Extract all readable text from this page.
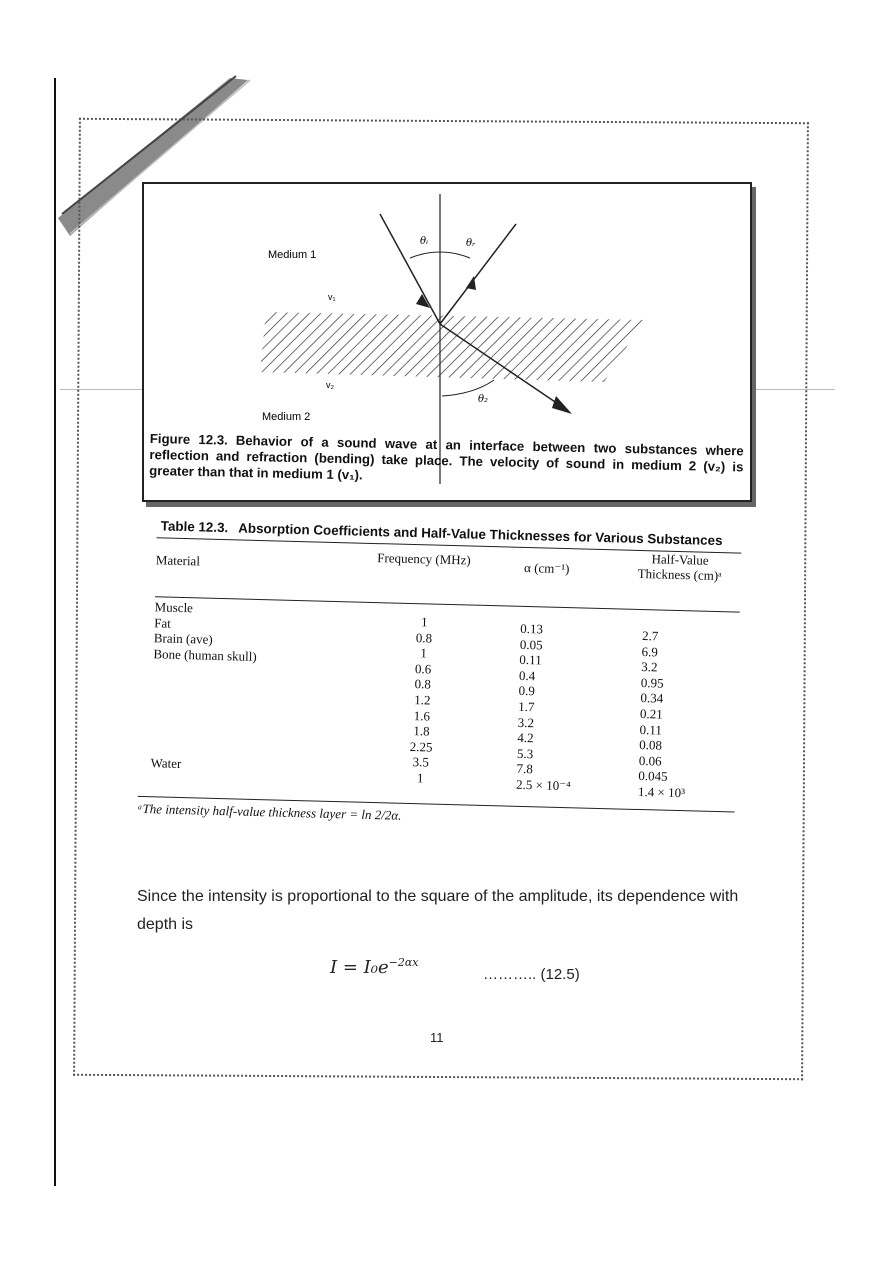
Medium 1
v₁
v₂
Medium 2
θᵢ	θᵣ
θ₂
Figure 12.3. Behavior of a sound wave at an interface between two substances where reflection and refraction (bending) take place. The velocity of sound in medium 2 (v₂) is greater than that in medium 1 (v₁).
Table 12.3. Absorption Coefficients and Half-Value Thicknesses for Various Substances
Material	Frequency (MHz)
α (cm⁻¹)
Half-Value Thickness (cm)ᵃ
Muscle
Fat
Brain (ave)
Bone (human skull)

Water
1
0.8
1
0.6
0.8
1.2
1.6
1.8
2.25
3.5
1
0.13
0.05
0.11
0.4
0.9
1.7
3.2
4.2
5.3
7.8
2.5 × 10⁻⁴
2.7
6.9
3.2
0.95
0.34
0.21
0.11
0.08
0.06
0.045
1.4 × 10³
ᵃThe intensity half-value thickness layer = ln 2/2α.
Since the intensity is proportional to the square of the amplitude, its dependence with depth is
$I = I_0e^{-2\alpha x}$
……….. (12.5)
11
